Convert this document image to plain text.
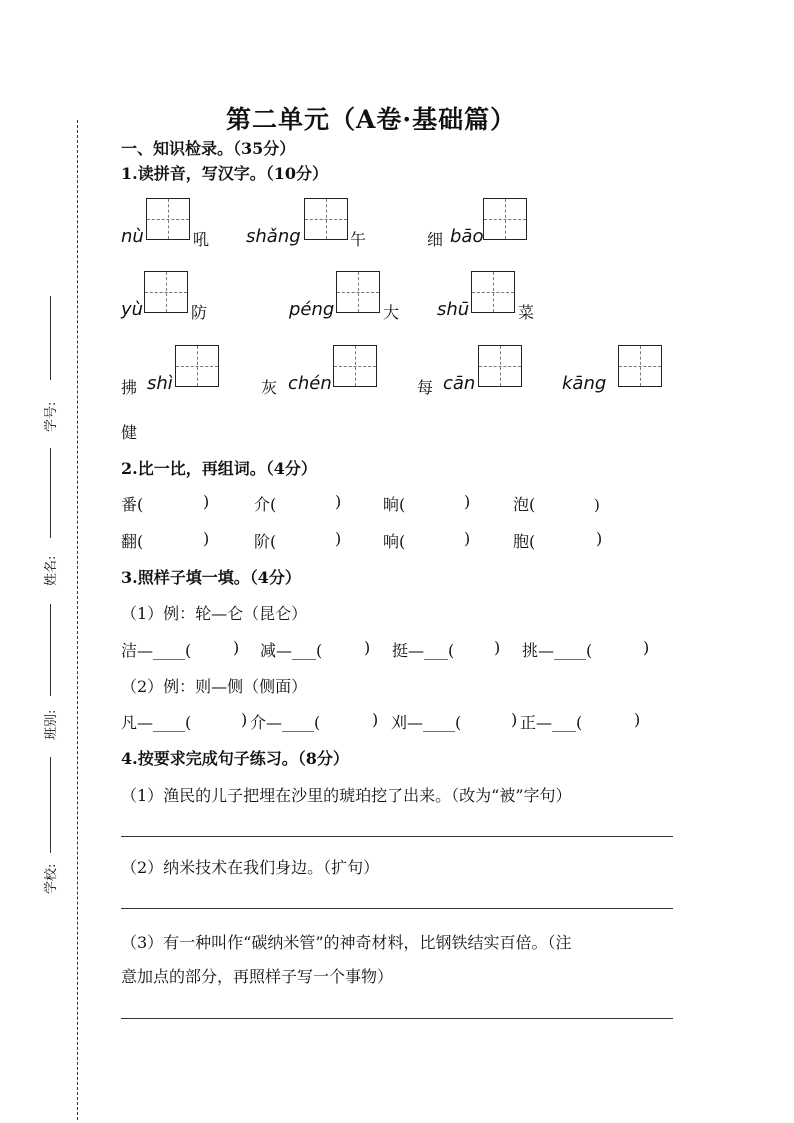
学号:
姓名:
班别:
学校:
第二单元（A卷·基础篇）
一、知识检录。（35分）
1.读拼音，写汉字。（10分）
nù	吼 shǎng	午	细 bāo
yù	防	péng	大 shū	菜
拂 shì	灰 chén	每 cān	kāng
健
2.比一比，再组词。（4分）
番(	)	介(	)	晌(	)	泡(	)
翻(	)	阶(	)	响(	)	胞(	)
3.照样子填一填。（4分）
（1）例：轮—仑（昆仑）
洁—____(	) 减—___(	) 挺—___( ) 挑—____(	)
（2）例：则—侧（侧面）
凡—____(	) 介—____(	) 刈—____(	) 正—___(	)
4.按要求完成句子练习。（8分）
（1）渔民的儿子把埋在沙里的琥珀挖了出来。（改为“被”字句）
（2）纳米技术在我们身边。（扩句）
（3）有一种叫作“碳纳米管”的神奇材料，比钢铁结实百倍。（注
意加点的部分，再照样子写一个事物）
